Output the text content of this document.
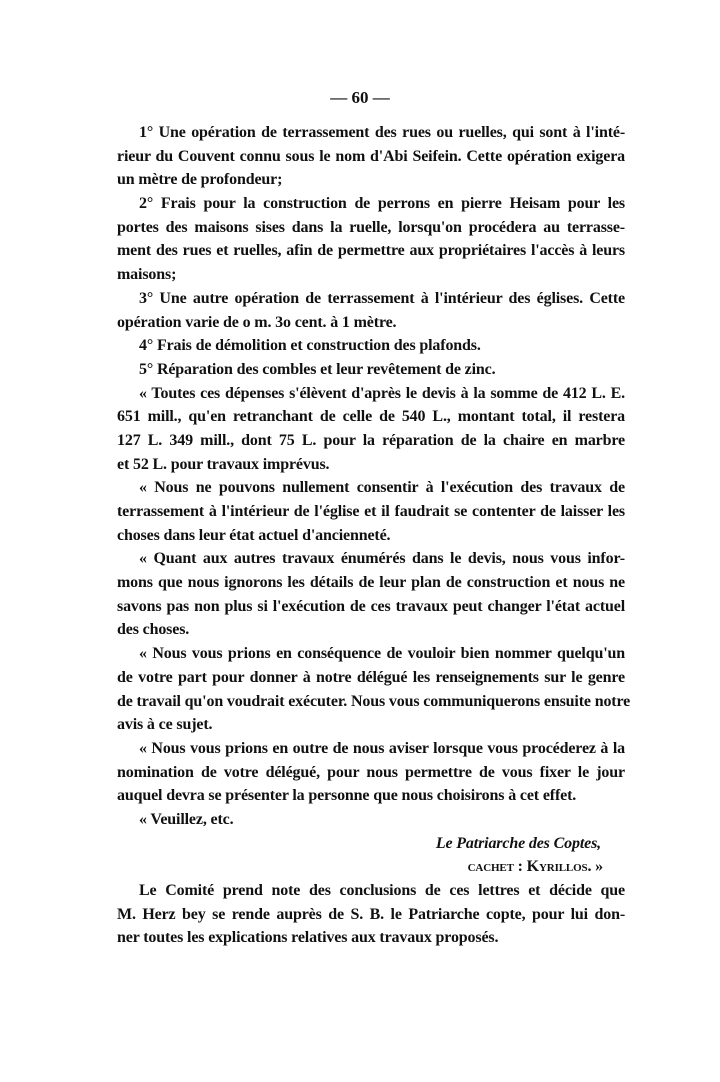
— 60 —
1° Une opération de terrassement des rues ou ruelles, qui sont à l'inté-
rieur du Couvent connu sous le nom d'Abi Seifein. Cette opération exigera
un mètre de profondeur;
2° Frais pour la construction de perrons en pierre Heisam pour les
portes des maisons sises dans la ruelle, lorsqu'on procédera au terrasse-
ment des rues et ruelles, afin de permettre aux propriétaires l'accès à leurs
maisons;
3° Une autre opération de terrassement à l'intérieur des églises. Cette
opération varie de o m. 3o cent. à 1 mètre.
4° Frais de démolition et construction des plafonds.
5° Réparation des combles et leur revêtement de zinc.
« Toutes ces dépenses s'élèvent d'après le devis à la somme de 412 L. E.
651 mill., qu'en retranchant de celle de 540 L., montant total, il restera
127 L. 349 mill., dont 75 L. pour la réparation de la chaire en marbre
et 52 L. pour travaux imprévus.
« Nous ne pouvons nullement consentir à l'exécution des travaux de
terrassement à l'intérieur de l'église et il faudrait se contenter de laisser les
choses dans leur état actuel d'ancienneté.
« Quant aux autres travaux énumérés dans le devis, nous vous infor-
mons que nous ignorons les détails de leur plan de construction et nous ne
savons pas non plus si l'exécution de ces travaux peut changer l'état actuel
des choses.
« Nous vous prions en conséquence de vouloir bien nommer quelqu'un
de votre part pour donner à notre délégué les renseignements sur le genre
de travail qu'on voudrait exécuter. Nous vous communiquerons ensuite notre
avis à ce sujet.
« Nous vous prions en outre de nous aviser lorsque vous procéderez à la
nomination de votre délégué, pour nous permettre de vous fixer le jour
auquel devra se présenter la personne que nous choisirons à cet effet.
« Veuillez, etc.
Le Patriarche des Coptes,
cachet : Kyrillos. »
Le Comité prend note des conclusions de ces lettres et décide que
M. Herz bey se rende auprès de S. B. le Patriarche copte, pour lui don-
ner toutes les explications relatives aux travaux proposés.
